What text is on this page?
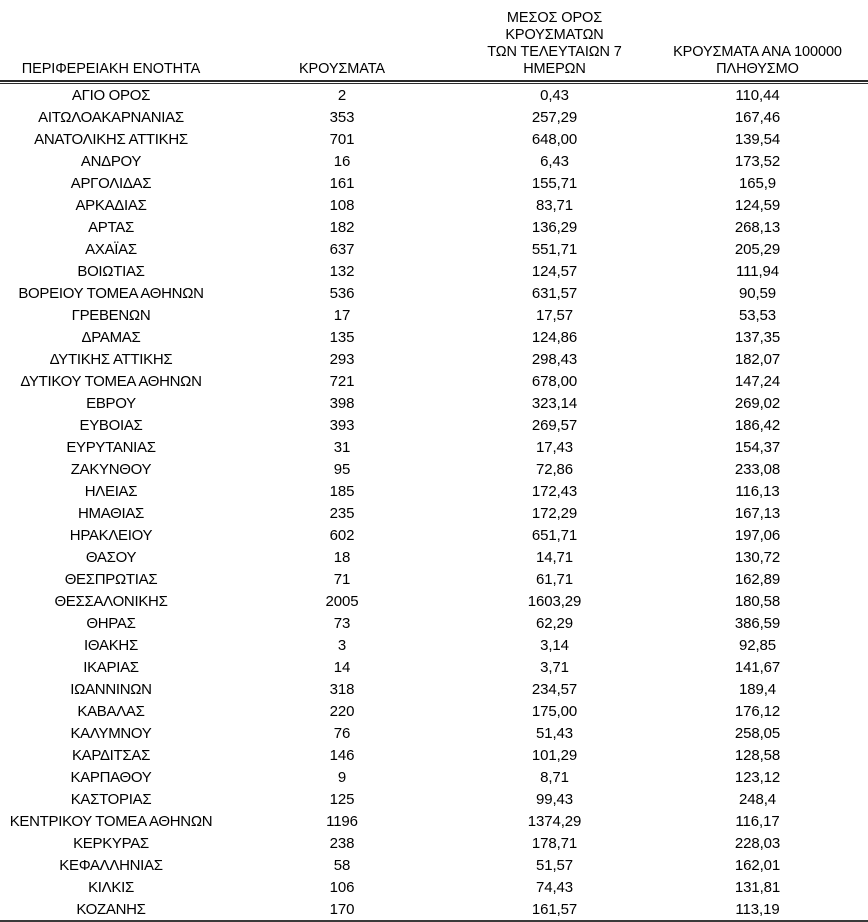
ΠΕΡΙΦΕΡΕΙΑΚΗ ΕΝΟΤΗΤΑ	ΚΡΟΥΣΜΑΤΑ	ΜΕΣΟΣ ΟΡΟΣ ΚΡΟΥΣΜΑΤΩΝ
ΤΩΝ ΤΕΛΕΥΤΑΙΩΝ 7 ΗΜΕΡΩΝ	ΚΡΟΥΣΜΑΤΑ ΑΝΑ 100000
ΠΛΗΘΥΣΜΟ
ΑΓΙΟ ΟΡΟΣ	2	0,43	110,44
ΑΙΤΩΛΟΑΚΑΡΝΑΝΙΑΣ	353	257,29	167,46
ΑΝΑΤΟΛΙΚΗΣ ΑΤΤΙΚΗΣ	701	648,00	139,54
ΑΝΔΡΟΥ	16	6,43	173,52
ΑΡΓΟΛΙΔΑΣ	161	155,71	165,9
ΑΡΚΑΔΙΑΣ	108	83,71	124,59
ΑΡΤΑΣ	182	136,29	268,13
ΑΧΑΪΑΣ	637	551,71	205,29
ΒΟΙΩΤΙΑΣ	132	124,57	111,94
ΒΟΡΕΙΟΥ ΤΟΜΕΑ ΑΘΗΝΩΝ	536	631,57	90,59
ΓΡΕΒΕΝΩΝ	17	17,57	53,53
ΔΡΑΜΑΣ	135	124,86	137,35
ΔΥΤΙΚΗΣ ΑΤΤΙΚΗΣ	293	298,43	182,07
ΔΥΤΙΚΟΥ ΤΟΜΕΑ ΑΘΗΝΩΝ	721	678,00	147,24
ΕΒΡΟΥ	398	323,14	269,02
ΕΥΒΟΙΑΣ	393	269,57	186,42
ΕΥΡΥΤΑΝΙΑΣ	31	17,43	154,37
ΖΑΚΥΝΘΟΥ	95	72,86	233,08
ΗΛΕΙΑΣ	185	172,43	116,13
ΗΜΑΘΙΑΣ	235	172,29	167,13
ΗΡΑΚΛΕΙΟΥ	602	651,71	197,06
ΘΑΣΟΥ	18	14,71	130,72
ΘΕΣΠΡΩΤΙΑΣ	71	61,71	162,89
ΘΕΣΣΑΛΟΝΙΚΗΣ	2005	1603,29	180,58
ΘΗΡΑΣ	73	62,29	386,59
ΙΘΑΚΗΣ	3	3,14	92,85
ΙΚΑΡΙΑΣ	14	3,71	141,67
ΙΩΑΝΝΙΝΩΝ	318	234,57	189,4
ΚΑΒΑΛΑΣ	220	175,00	176,12
ΚΑΛΥΜΝΟΥ	76	51,43	258,05
ΚΑΡΔΙΤΣΑΣ	146	101,29	128,58
ΚΑΡΠΑΘΟΥ	9	8,71	123,12
ΚΑΣΤΟΡΙΑΣ	125	99,43	248,4
ΚΕΝΤΡΙΚΟΥ ΤΟΜΕΑ ΑΘΗΝΩΝ	1196	1374,29	116,17
ΚΕΡΚΥΡΑΣ	238	178,71	228,03
ΚΕΦΑΛΛΗΝΙΑΣ	58	51,57	162,01
ΚΙΛΚΙΣ	106	74,43	131,81
ΚΟΖΑΝΗΣ	170	161,57	113,19
